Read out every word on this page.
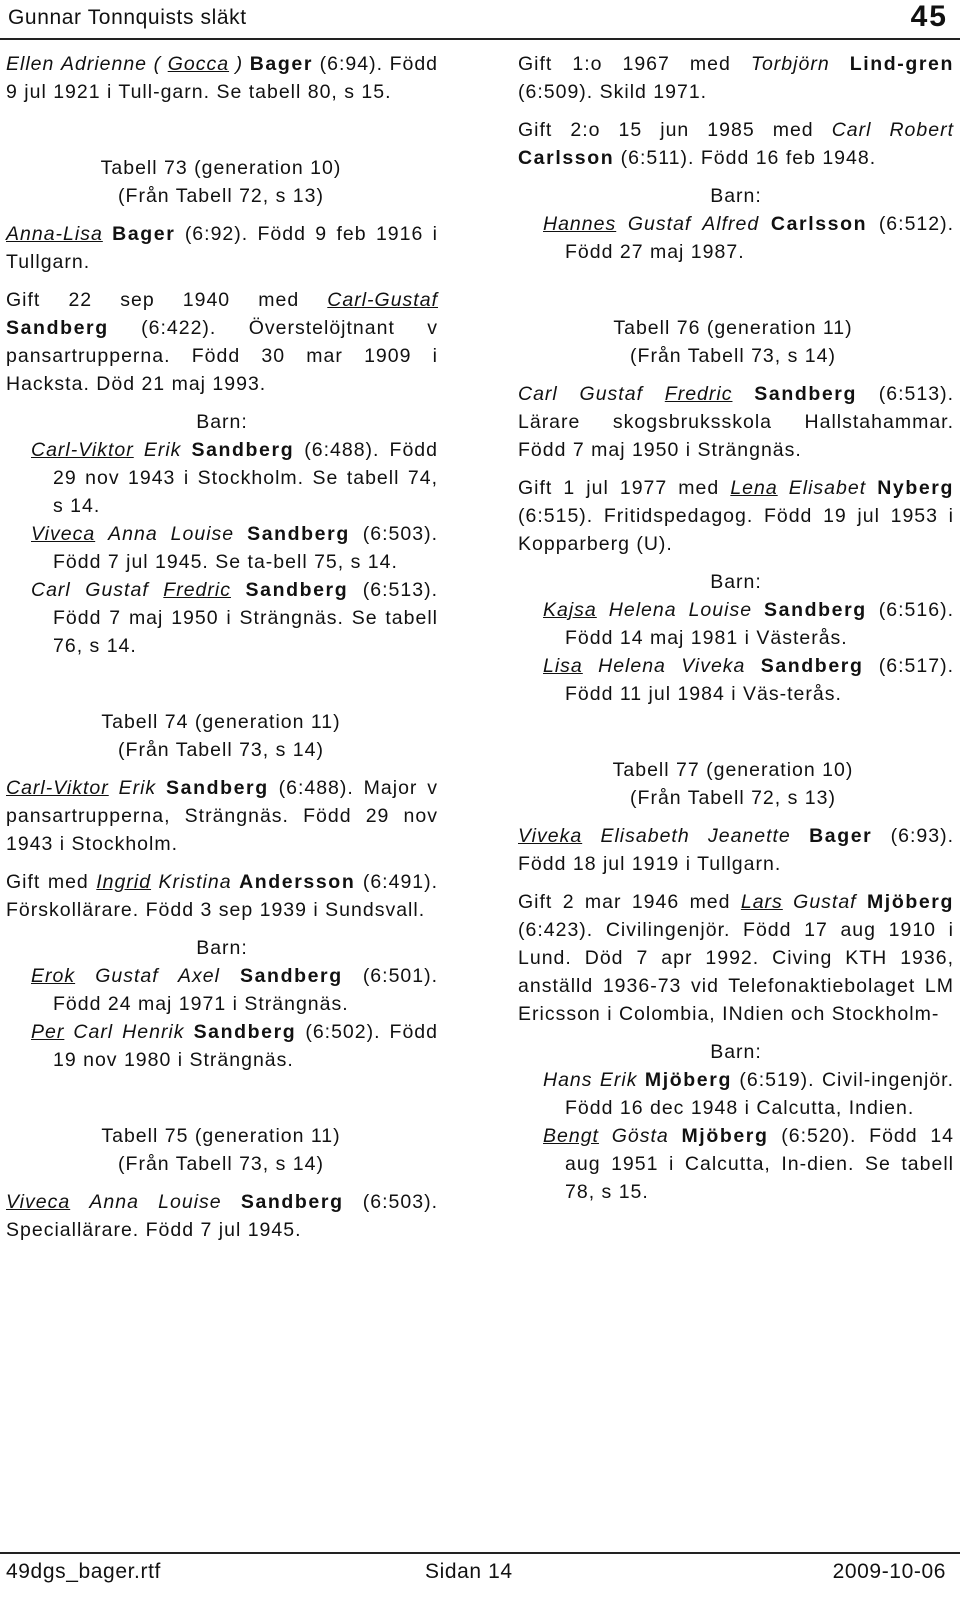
Gunnar Tonnquists släkt	45

Ellen Adrienne ( Gocca ) Bager (6:94). Född 9 jul 1921 i Tull-garn. Se tabell 80, s 15.

Tabell 73 (generation 10)
(Från Tabell 72, s 13)

Anna-Lisa Bager (6:92). Född 9 feb 1916 i Tullgarn.

Gift 22 sep 1940 med Carl-Gustaf Sandberg (6:422). Överstelöjtnant v pansartrupperna. Född 30 mar 1909 i Hacksta. Död 21 maj 1993.

Barn:

Carl-Viktor Erik Sandberg (6:488). Född 29 nov 1943 i Stockholm. Se tabell 74, s 14.

Viveca Anna Louise Sandberg (6:503). Född 7 jul 1945. Se ta-bell 75, s 14.

Carl Gustaf Fredric Sandberg (6:513). Född 7 maj 1950 i Strängnäs. Se tabell 76, s 14.

Tabell 74 (generation 11)
(Från Tabell 73, s 14)

Carl-Viktor Erik Sandberg (6:488). Major v pansartrupperna, Strängnäs. Född 29 nov 1943 i Stockholm.

Gift med Ingrid Kristina Andersson (6:491). Förskollärare. Född 3 sep 1939 i Sundsvall.

Barn:

Erok Gustaf Axel Sandberg (6:501). Född 24 maj 1971 i Strängnäs.

Per Carl Henrik Sandberg (6:502). Född 19 nov 1980 i Strängnäs.

Tabell 75 (generation 11)
(Från Tabell 73, s 14)

Viveca Anna Louise Sandberg (6:503). Speciallärare. Född 7 jul 1945.

Gift 1:o 1967 med Torbjörn Lind-gren (6:509). Skild 1971.

Gift 2:o 15 jun 1985 med Carl Robert Carlsson (6:511). Född 16 feb 1948.

Barn:

Hannes Gustaf Alfred Carlsson (6:512). Född 27 maj 1987.

Tabell 76 (generation 11)
(Från Tabell 73, s 14)

Carl Gustaf Fredric Sandberg (6:513). Lärare skogsbruksskola Hallstahammar. Född 7 maj 1950 i Strängnäs.

Gift 1 jul 1977 med Lena Elisabet Nyberg (6:515). Fritidspedagog. Född 19 jul 1953 i Kopparberg (U).

Barn:

Kajsa Helena Louise Sandberg (6:516). Född 14 maj 1981 i Västerås.

Lisa Helena Viveka Sandberg (6:517). Född 11 jul 1984 i Väs-terås.

Tabell 77 (generation 10)
(Från Tabell 72, s 13)

Viveka Elisabeth Jeanette Bager (6:93). Född 18 jul 1919 i Tullgarn.

Gift 2 mar 1946 med Lars Gustaf Mjöberg (6:423). Civilingenjör. Född 17 aug 1910 i Lund. Död 7 apr 1992. Civing KTH 1936, anställd 1936-73 vid Telefonaktiebolaget LM Ericsson i Colombia, INdien och Stockholm-

Barn:

Hans Erik Mjöberg (6:519). Civil-ingenjör. Född 16 dec 1948 i Calcutta, Indien.

Bengt Gösta Mjöberg (6:520). Född 14 aug 1951 i Calcutta, In-dien. Se tabell 78, s 15.

49dgs_bager.rtf	Sidan 14	2009-10-06
